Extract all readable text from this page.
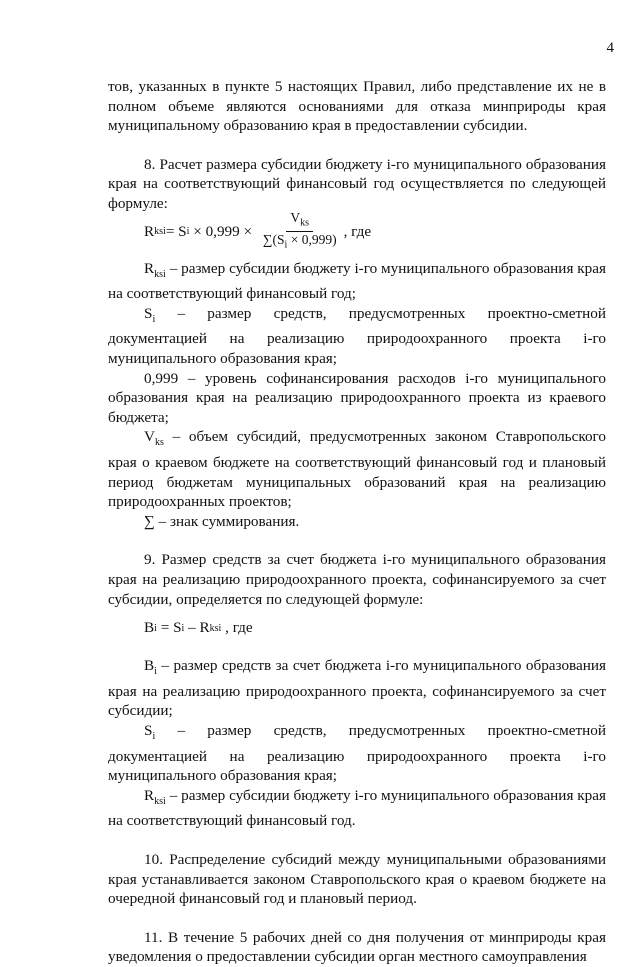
4

тов, указанных в пункте 5 настоящих Правил, либо представление их не в полном объеме являются основаниями для отказа минприроды края муниципальному образованию края в предоставлении субсидии.

8. Расчет размера субсидии бюджету i-го муниципального образования края на соответствующий финансовый год осуществляется по следующей формуле:

R ksi = S $i \times 0,999 \times \frac{V_{ks}}{\sum(S_i \times 0,999)}$ , где

$R_{ksi}$ – размер субсидии бюджету i-го муниципального образования края на соответствующий финансовый год;

$S_i$ – размер средств, предусмотренных проектно-сметной документацией на реализацию природоохранного проекта i-го муниципального образования края;

0,999 – уровень софинансирования расходов i-го муниципального образования края на реализацию природоохранного проекта из краевого бюджета;

$V_{ks}$ – объем субсидий, предусмотренных законом Ставропольского края о краевом бюджете на соответствующий финансовый год и плановый период бюджетам муниципальных образований края на реализацию природоохранных проектов;

∑ – знак суммирования.

9. Размер средств за счет бюджета i-го муниципального образования края на реализацию природоохранного проекта, софинансируемого за счет субсидии, определяется по следующей формуле:

B i = S i – R ksi , где

$B_i$ – размер средств за счет бюджета i-го муниципального образования края на реализацию природоохранного проекта, софинансируемого за счет субсидии;

$S_i$ – размер средств, предусмотренных проектно-сметной документацией на реализацию природоохранного проекта i-го муниципального образования края;

$R_{ksi}$ – размер субсидии бюджету i-го муниципального образования края на соответствующий финансовый год.

10. Распределение субсидий между муниципальными образованиями края устанавливается законом Ставропольского края о краевом бюджете на очередной финансовый год и плановый период.

11. В течение 5 рабочих дней со дня получения от минприроды края уведомления о предоставлении субсидии орган местного самоуправления
